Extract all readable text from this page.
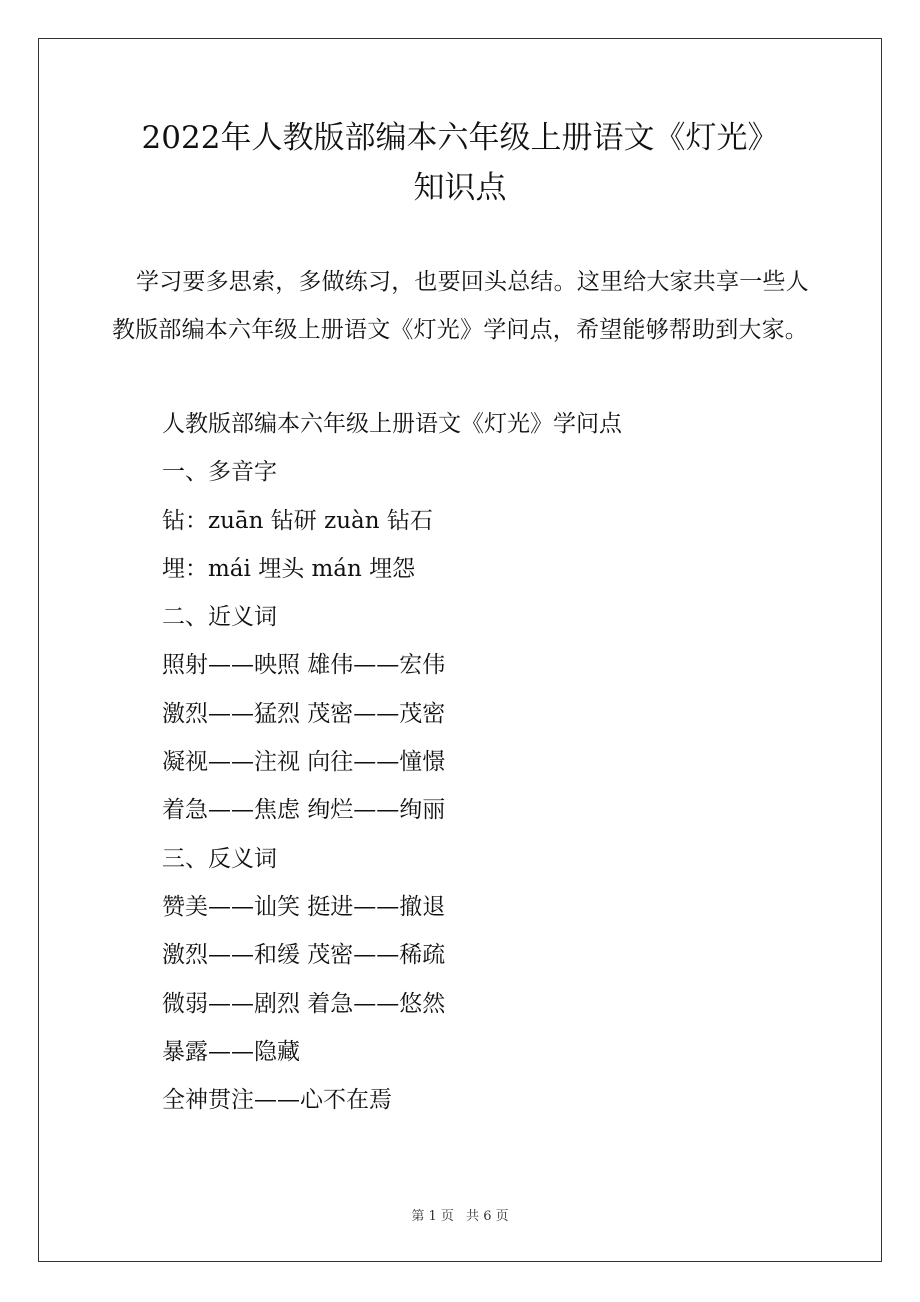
2022年人教版部编本六年级上册语文《灯光》
知识点

学习要多思索，多做练习，也要回头总结。这里给大家共享一些人教版部编本六年级上册语文《灯光》学问点，希望能够帮助到大家。

人教版部编本六年级上册语文《灯光》学问点
一、多音字
钻：zuān 钻研 zuàn 钻石
埋：mái 埋头 mán 埋怨
二、近义词
照射——映照 雄伟——宏伟
激烈——猛烈 茂密——茂密
凝视——注视 向往——憧憬
着急——焦虑 绚烂——绚丽
三、反义词
赞美——讪笑 挺进——撤退
激烈——和缓 茂密——稀疏
微弱——剧烈 着急——悠然
暴露——隐藏
全神贯注——心不在焉
第 1 页 共 6 页
